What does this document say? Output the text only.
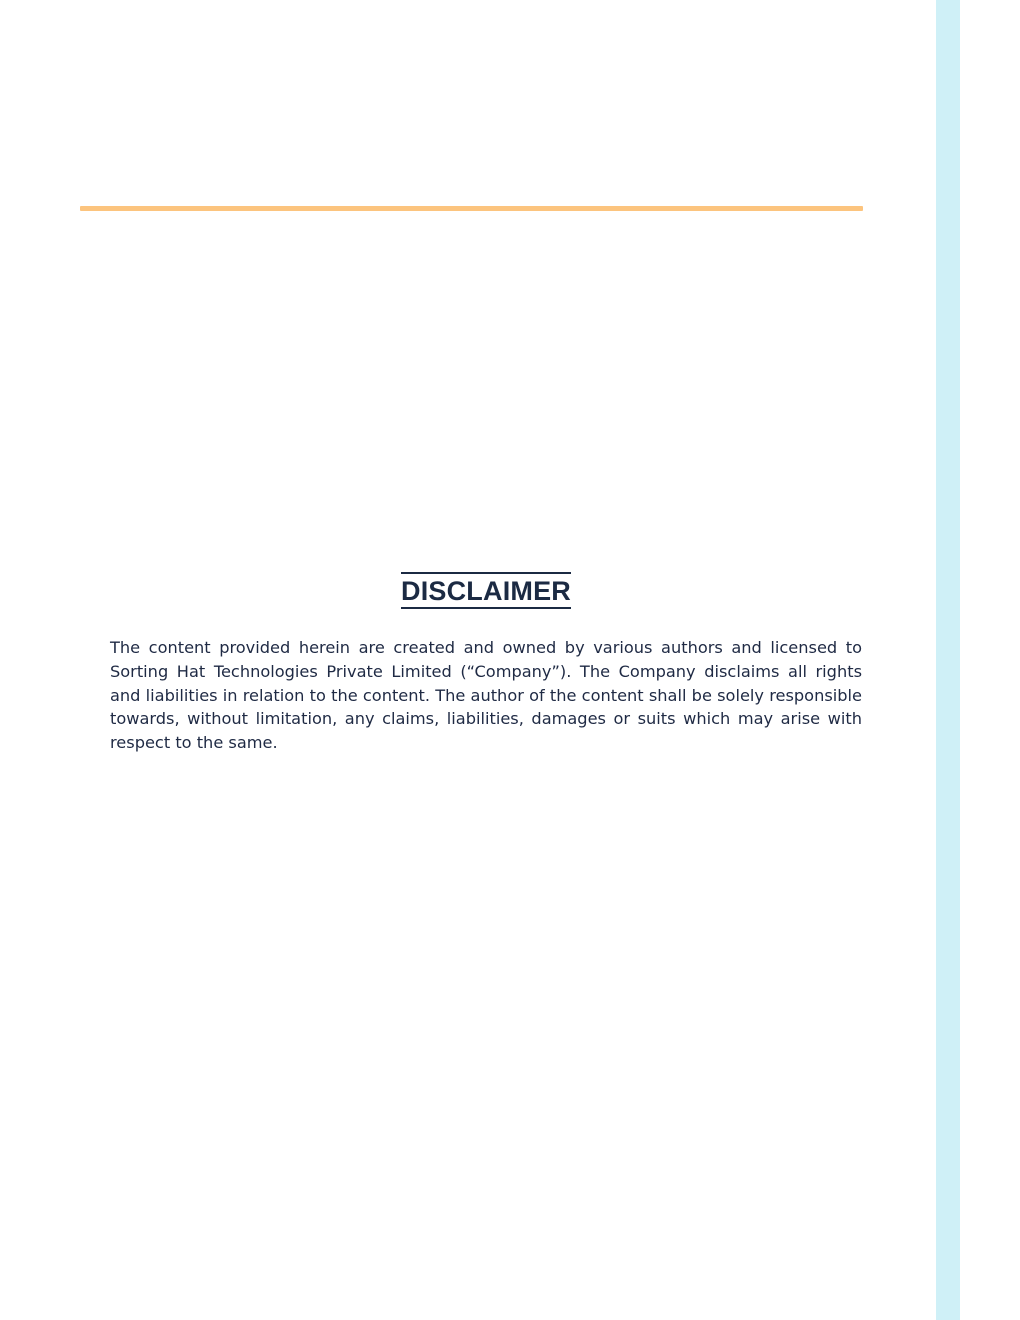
DISCLAIMER

The content provided herein are created and owned by various authors and licensed to Sorting Hat Technologies Private Limited (“Company”). The Company disclaims all rights and liabilities in relation to the content. The author of the content shall be solely responsible towards, without limitation, any claims, liabilities, damages or suits which may arise with respect to the same.
